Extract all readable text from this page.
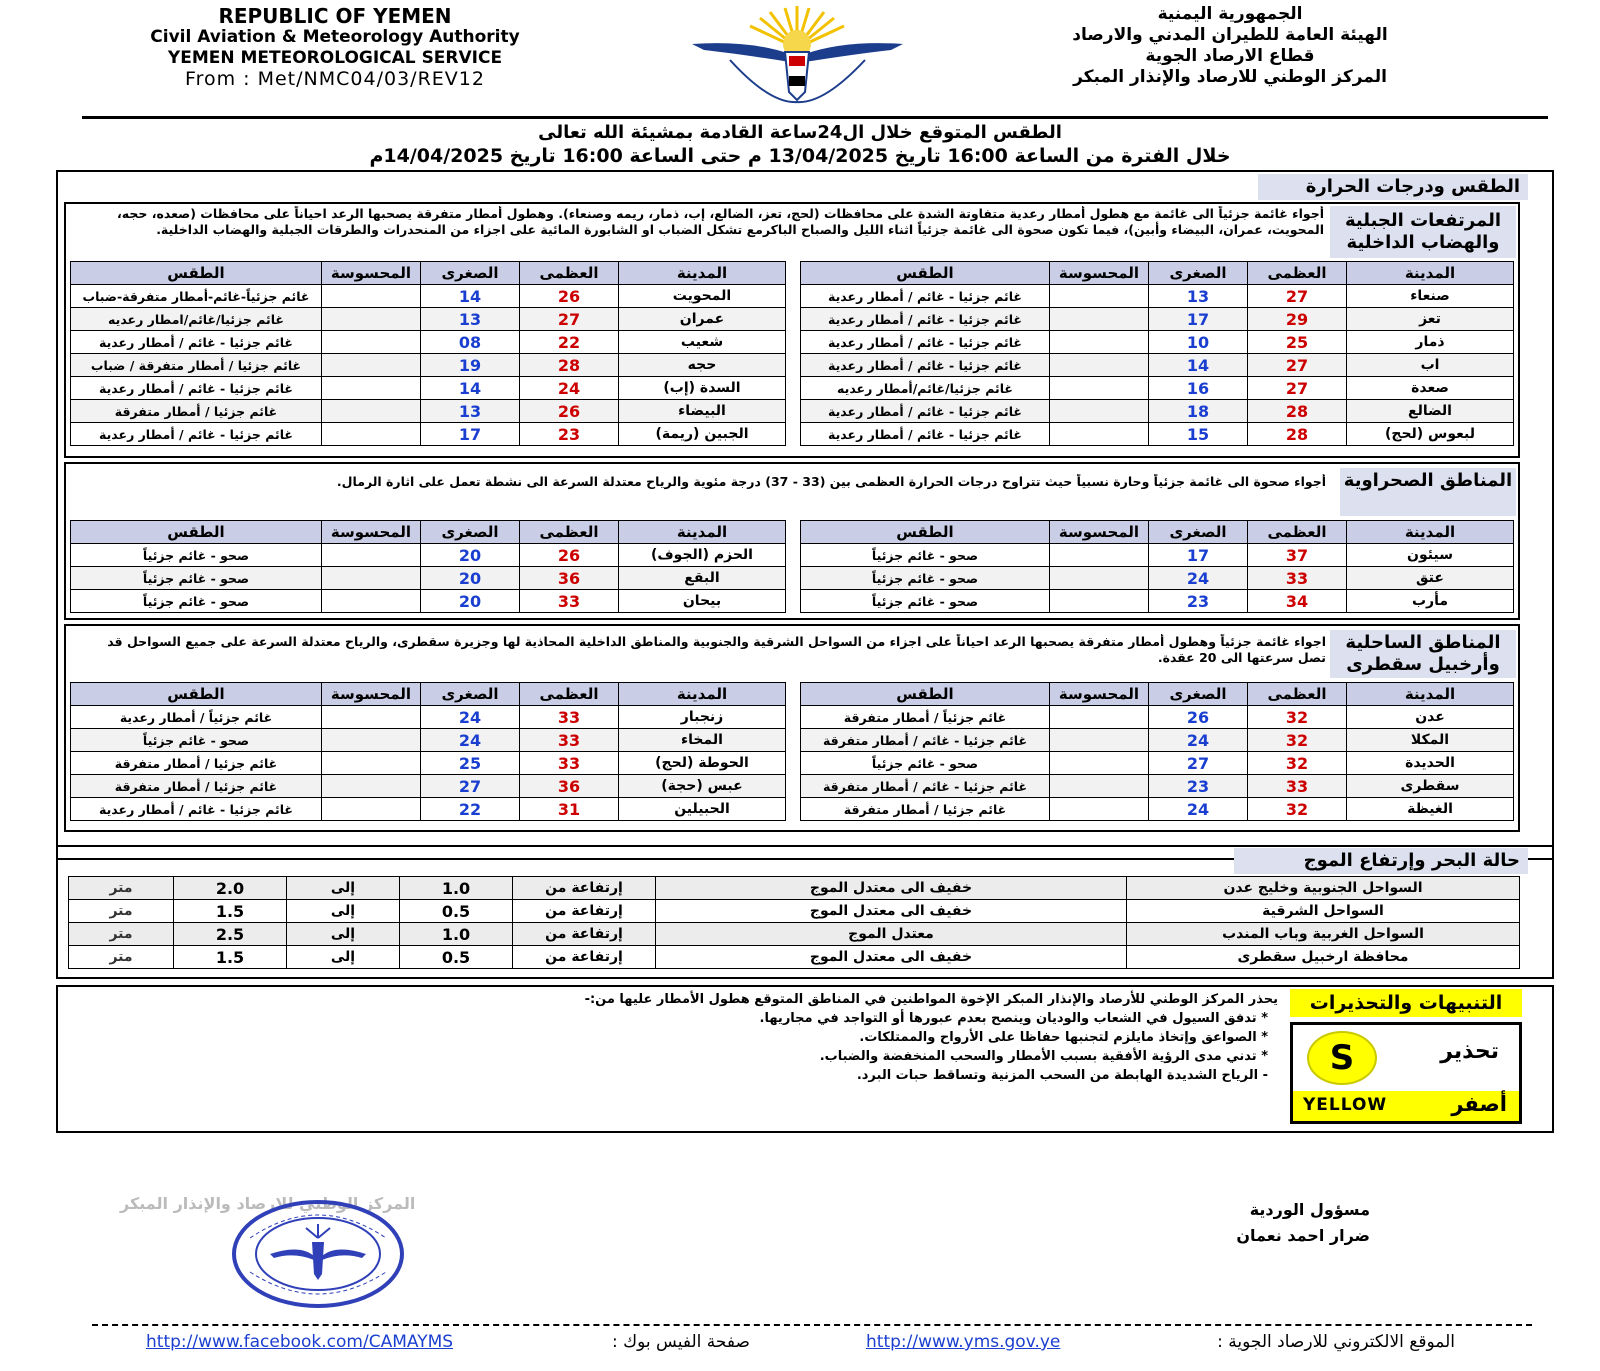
REPUBLIC OF YEMEN
Civil Aviation & Meteorology Authority
YEMEN METEOROLOGICAL SERVICE
From : Met/NMC04/03/REV12
الجمهورية اليمنية
الهيئة العامة للطيران المدني والارصاد
قطاع الارصاد الجوية
المركز الوطني للارصاد والإنذار المبكر
الطقس المتوقع خلال ال24ساعة القادمة بمشيئة الله تعالى
خلال الفترة من الساعة 16:00 تاريخ 13/04/2025 م حتى الساعة 16:00 تاريخ 14/04/2025م
الطقس ودرجات الحرارة
المرتفعات الجبلية والهضاب الداخلية
أجواء غائمة جزئياً الى غائمة مع هطول أمطار رعدية متفاوتة الشدة على محافظات (لحج، تعز، الضالع، إب، ذمار، ريمه وصنعاء). وهطول أمطار متفرقة يصحبها الرعد احياناً على محافظات (صعده، حجه، المحويت، عمران، البيضاء وأبين)، فيما تكون صحوة الى غائمة جزئياً اثناء الليل والصباح الباكرمع تشكل الضباب او الشابورة المائية على اجزاء من المنحدرات والطرقات الجبلية والهضاب الداخلية.
المناطق الصحراوية
أجواء صحوة الى غائمة جزئياً وحارة نسبياً حيث تتراوح درجات الحرارة العظمى بين (33 - 37) درجة مئوية والرياح معتدلة السرعة الى نشطة تعمل على اثارة الرمال.
المناطق الساحلية وأرخبيل سقطرى
اجواء غائمة جزئياً وهطول أمطار متفرقة يصحبها الرعد احياناً على اجزاء من السواحل الشرقية والجنوبية والمناطق الداخلية المحاذية لها وجزيرة سقطرى، والرياح معتدلة السرعة على جميع السواحل قد تصل سرعتها الى 20 عقدة.
الطقس	المحسوسة	الصغرى	العظمى	المدينة
غائم جزئيا - غائم / أمطار رعدية		13	27	صنعاء
غائم جزئيا - غائم / أمطار رعدية		17	29	تعز
غائم جزئيا - غائم / أمطار رعدية		10	25	ذمار
غائم جزئيا - غائم / أمطار رعدية		14	27	اب
غائم جزئيا/غائم/أمطار رعديه		16	27	صعدة
غائم جزئيا - غائم / أمطار رعدية		18	28	الضالع
غائم جزئيا - غائم / أمطار رعدية		15	28	لبعوس (لحج)
الطقس	المحسوسة	الصغرى	العظمى	المدينة
غائم جزئياً-غائم-أمطار متفرقة-ضباب		14	26	المحويت
غائم جزئيا/غائم/امطار رعديه		13	27	عمران
غائم جزئيا - غائم / أمطار رعدية		08	22	شعيب
غائم جزئيا / أمطار متفرقة / ضباب		19	28	حجه
غائم جزئيا - غائم / أمطار رعدية		14	24	السدة (إب)
غائم جزئيا / أمطار متفرقة		13	26	البيضاء
غائم جزئيا - غائم / أمطار رعدية		17	23	الجبين (ريمة)
الطقس	المحسوسة	الصغرى	العظمى	المدينة
صحو - غائم جزئياً		17	37	سيئون
صحو - غائم جزئياً		24	33	عتق
صحو - غائم جزئياً		23	34	مأرب
الطقس	المحسوسة	الصغرى	العظمى	المدينة
صحو - غائم جزئياً		20	26	الحزم (الجوف)
صحو - غائم جزئياً		20	36	البقع
صحو - غائم جزئياً		20	33	بيحان
الطقس	المحسوسة	الصغرى	العظمى	المدينة
غائم جزئياً / أمطار متفرقة		26	32	عدن
غائم جزئيا - غائم / أمطار متفرقة		24	32	المكلا
صحو - غائم جزئياً		27	32	الحديدة
غائم جزئيا - غائم / أمطار متفرقة		23	33	سقطرى
غائم جزئيا / أمطار متفرقة		24	32	الغيظة
الطقس	المحسوسة	الصغرى	العظمى	المدينة
غائم جزئياً / أمطار رعدية		24	33	زنجبار
صحو - غائم جزئياً		24	33	المخاء
غائم جزئيا / أمطار متفرقة		25	33	الحوطة (لحج)
غائم جزئيا / أمطار متفرقة		27	36	عبس (حجة)
غائم جزئيا - غائم / أمطار رعدية		22	31	الحبيلين
حالة البحر وإرتفاع الموج
متر	2.0	إلى	1.0	إرتفاعة من	خفيف الى معتدل الموج	السواحل الجنوبية وخليج عدن
متر	1.5	إلى	0.5	إرتفاعة من	خفيف الى معتدل الموج	السواحل الشرقية
متر	2.5	إلى	1.0	إرتفاعة من	معتدل الموج	السواحل الغربية وباب المندب
متر	1.5	إلى	0.5	إرتفاعة من	خفيف الى معتدل الموج	محافظة ارخبيل سقطرى
التنبيهات والتحذيرات
يحذر المركز الوطني للأرصاد والإنذار المبكر الإخوة المواطنين في المناطق المتوقع هطول الأمطار عليها من:-
* تدفق السيول في الشعاب والوديان وينصح بعدم عبورها أو التواجد في مجاريها.
* الصواعق وإتخاذ مايلزم لتجنبها حفاظا على الأرواح والممتلكات.
* تدني مدى الرؤية الأفقية بسبب الأمطار والسحب المنخفضة والضباب.
- الرياح الشديدة الهابطة من السحب المزنية وتساقط حبات البرد.
تحذير
S
YELLOW	أصفر
مسؤول الوردية
ضرار احمد نعمان
المركز الوطني للارصاد والإنذار المبكر
الموقع الالكتروني للارصاد الجوية :
http://www.yms.gov.ye
صفحة الفيس بوك :
http://www.facebook.com/CAMAYMS
